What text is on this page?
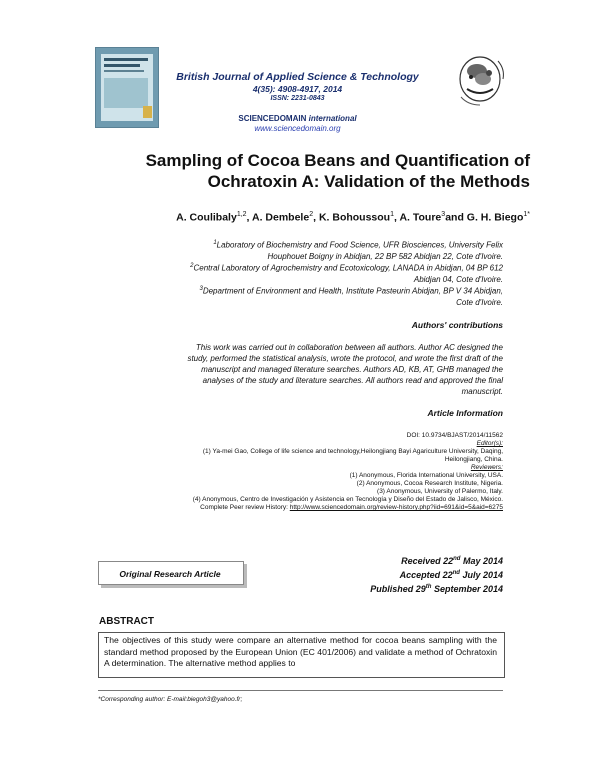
British Journal of Applied Science & Technology
4(35): 4908-4917, 2014
ISSN: 2231-0843
SCIENCEDOMAIN international
www.sciencedomain.org
Sampling of Cocoa Beans and Quantification of
Ochratoxin A: Validation of the Methods
A. Coulibaly$^{1,2}$, A. Dembele$^2$, K. Bohoussou$^1$, A. Toure$^3$and G. H. Biego$^{1*}$
$^1$Laboratory of Biochemistry and Food Science, UFR Biosciences, University Felix
Houphouet Boigny in Abidjan, 22 BP 582 Abidjan 22, Cote d'Ivoire.
$^2$Central Laboratory of Agrochemistry and Ecotoxicology, LANADA in Abidjan, 04 BP 612
Abidjan 04, Cote d'Ivoire.
$^3$Department of Environment and Health, Institute Pasteurin Abidjan, BP V 34 Abidjan,
Cote d'Ivoire.
Authors' contributions
This work was carried out in collaboration between all authors. Author AC designed the
study, performed the statistical analysis, wrote the protocol, and wrote the first draft of the
manuscript and managed literature searches. Authors AD, KB, AT, GHB managed the
analyses of the study and literature searches. All authors read and approved the final
manuscript.
Article Information
DOI: 10.9734/BJAST/2014/11562
Editor(s):
(1) Ya-mei Gao, College of life science and technology,Heilongjiang Bayi Agariculture University, Daqing,
Heilongjiang, China.
Reviewers:
(1) Anonymous, Florida International University, USA.
(2) Anonymous, Cocoa Research Institute, Nigeria.
(3) Anonymous, University of Palermo, Italy.
(4) Anonymous, Centro de Investigación y Asistencia en Tecnología y Diseño del Estado de Jalisco, México.
Complete Peer review History: http://www.sciencedomain.org/review-history.php?iid=691&id=5&aid=6275
Received 22nd May 2014
Accepted 22nd July 2014
Published 29th September 2014
Original Research Article
ABSTRACT
The objectives of this study were compare an alternative method for cocoa beans sampling with the standard method proposed by the European Union (EC 401/2006) and validate a method of Ochratoxin A determination. The alternative method applies to
*Corresponding author: E-mail:biegoh3@yahoo.fr;
